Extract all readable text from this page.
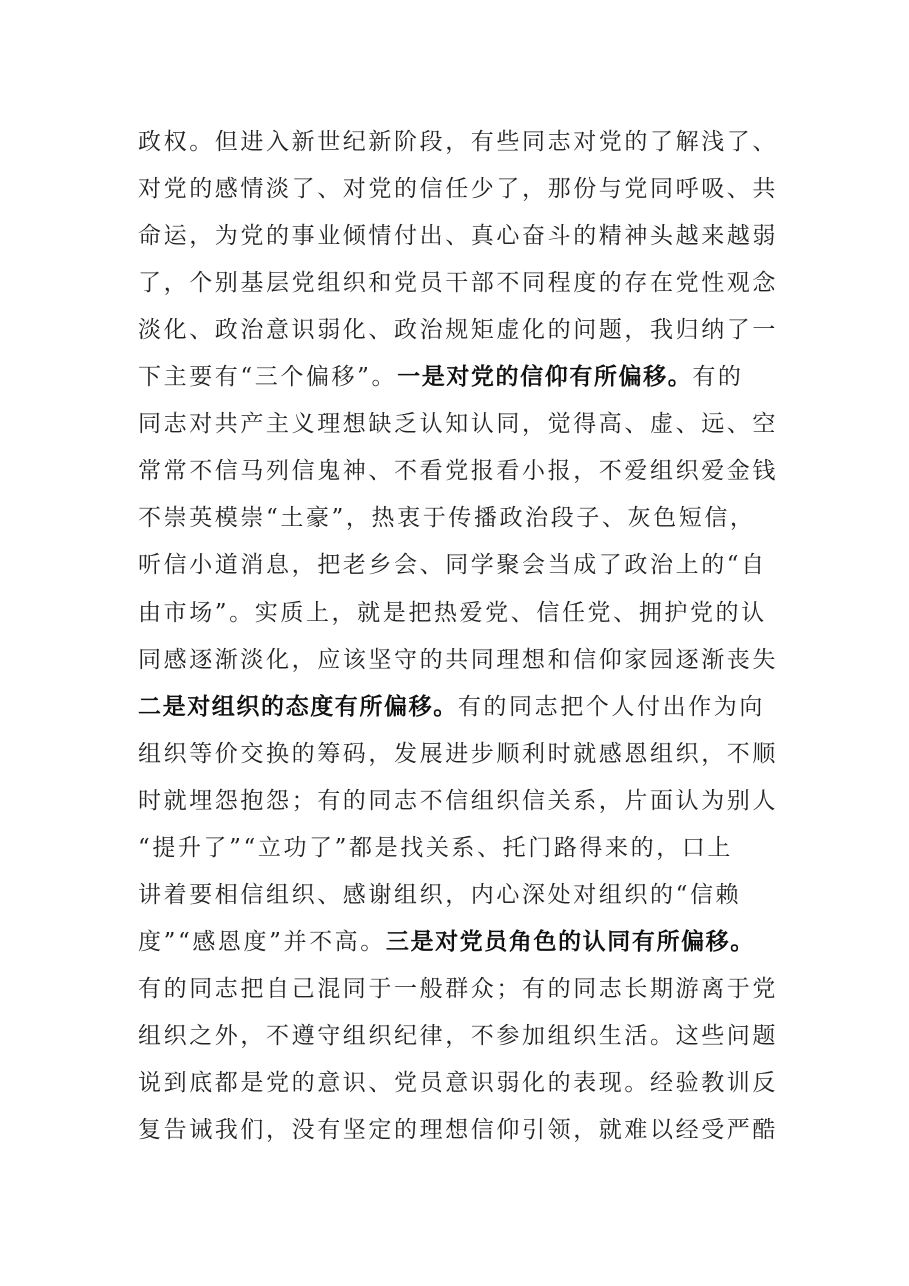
政权。但进入新世纪新阶段，有些同志对党的了解浅了、
对党的感情淡了、对党的信任少了，那份与党同呼吸、共
命运，为党的事业倾情付出、真心奋斗的精神头越来越弱
了，个别基层党组织和党员干部不同程度的存在党性观念
淡化、政治意识弱化、政治规矩虚化的问题，我归纳了一
下主要有“三个偏移”。一是对党的信仰有所偏移。有的
同志对共产主义理想缺乏认知认同，觉得高、虚、远、空
常常不信马列信鬼神、不看党报看小报，不爱组织爱金钱
不崇英模崇“土豪”，热衷于传播政治段子、灰色短信，
听信小道消息，把老乡会、同学聚会当成了政治上的“自
由市场”。实质上，就是把热爱党、信任党、拥护党的认
同感逐渐淡化，应该坚守的共同理想和信仰家园逐渐丧失
二是对组织的态度有所偏移。有的同志把个人付出作为向
组织等价交换的筹码，发展进步顺利时就感恩组织，不顺
时就埋怨抱怨；有的同志不信组织信关系，片面认为别人
“提升了”“立功了”都是找关系、托门路得来的，口上
讲着要相信组织、感谢组织，内心深处对组织的“信赖
度”“感恩度”并不高。三是对党员角色的认同有所偏移。
有的同志把自己混同于一般群众；有的同志长期游离于党
组织之外，不遵守组织纪律，不参加组织生活。这些问题
说到底都是党的意识、党员意识弱化的表现。经验教训反
复告诫我们，没有坚定的理想信仰引领，就难以经受严酷
